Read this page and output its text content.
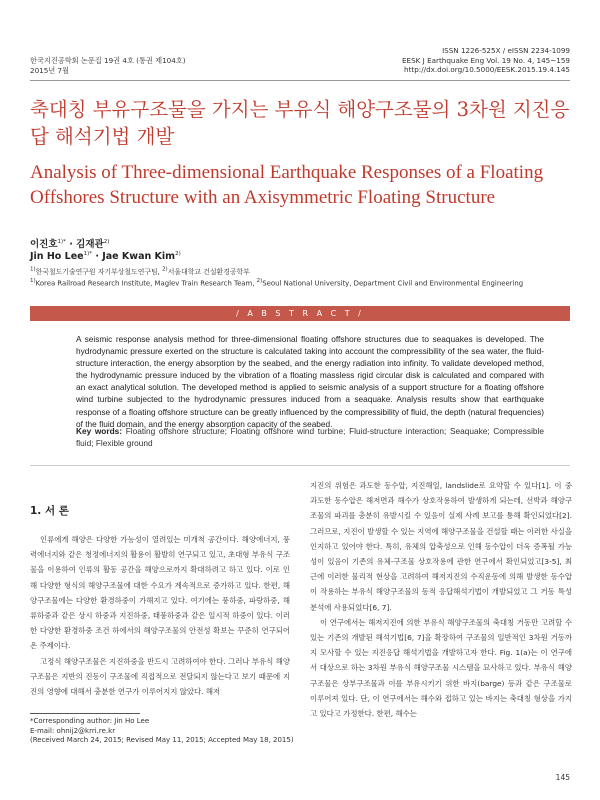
한국지진공학회 논문집 19권 4호 (통권 제104호)
2015년 7월
ISSN 1226-525X / eISSN 2234-1099
EESK J Earthquake Eng Vol. 19 No. 4, 145~159
http://dx.doi.org/10.5000/EESK.2015.19.4.145
축대칭 부유구조물을 가지는 부유식 해양구조물의 3차원 지진응답 해석기법 개발
Analysis of Three-dimensional Earthquake Responses of a Floating Offshores Structure with an Axisymmetric Floating Structure
이진호$^{1)*}$ · 김재관$^{2)}$
Jin Ho Lee$^{1)*}$ · Jae Kwan Kim$^{2)}$
$^{1)}$한국철도기술연구원 자기부상철도연구팀, $^{2)}$서울대학교 건설환경공학부
$^{1)}$Korea Railroad Research Institute, Maglev Train Research Team, $^{2)}$Seoul National University, Department Civil and Environmental Engineering
/ A B S T R A C T /
A seismic response analysis method for three-dimensional floating offshore structures due to seaquakes is developed. The hydrodynamic pressure exerted on the structure is calculated taking into account the compressibility of the sea water, the fluid-structure interaction, the energy absorption by the seabed, and the energy radiation into infinity. To validate developed method, the hydrodynamic pressure induced by the vibration of a floating massless rigid circular disk is calculated and compared with an exact analytical solution. The developed method is applied to seismic analysis of a support structure for a floating offshore wind turbine subjected to the hydrodynamic pressures induced from a seaquake. Analysis results show that earthquake response of a floating offshore structure can be greatly influenced by the compressibility of fluid, the depth (natural frequencies) of the fluid domain, and the energy absorption capacity of the seabed.
Key words: Floating offshore structure; Floating offshore wind turbine; Fluid-structure interaction; Seaquake; Compressible fluid; Flexible ground
1. 서 론

인류에게 해양은 다양한 가능성이 열려있는 미개척 공간이다. 해양에너지, 풍력에너지와 같은 청정에너지의 활용이 활발히 연구되고 있고, 초대형 부유식 구조물을 이용하여 인류의 활동 공간을 해양으로까지 확대하려고 하고 있다. 이로 인해 다양한 형식의 해양구조물에 대한 수요가 계속적으로 증가하고 있다. 한편, 해양구조물에는 다양한 환경하중이 가해지고 있다. 여기에는 풍하중, 파랑하중, 해류하중과 같은 상시 하중과 지진하중, 태풍하중과 같은 일시적 하중이 있다. 이러한 다양한 환경하중 조건 하에서의 해양구조물의 안전성 확보는 꾸준히 연구되어 온 주제이다.

고정식 해양구조물은 지진하중을 반드시 고려하여야 한다. 그러나 부유식 해양구조물은 지반의 진동이 구조물에 직접적으로 전달되지 않는다고 보기 때문에 지진의 영향에 대해서 충분한 연구가 이루어지지 않았다. 해저

지진의 위험은 과도한 동수압, 지진해일, landslide로 요약할 수 있다[1]. 이 중 과도한 동수압은 해저면과 해수가 상호작용하여 발생하게 되는데, 선박과 해양구조물의 파괴를 충분히 유발시킬 수 있음이 실제 사례 보고를 통해 확인되었다[2]. 그러므로, 지진이 발생할 수 있는 지역에 해양구조물을 건설할 때는 이러한 사실을 인지하고 있어야 한다. 특히, 유체의 압축성으로 인해 동수압이 더욱 증폭될 가능성이 있음이 기존의 유체-구조물 상호작용에 관한 연구에서 확인되었고[3-5], 최근에 이러한 물리적 현상을 고려하여 해저지진의 수직운동에 의해 발생한 동수압이 작용하는 부유식 해양구조물의 동적 응답해석기법이 개발되었고 그 거동 특성 분석에 사용되었다[6, 7].

이 연구에서는 해저지진에 의한 부유식 해양구조물의 축대칭 거동만 고려할 수 있는 기존의 개발된 해석기법[6, 7]을 확장하여 구조물의 일반적인 3차원 거동까지 모사할 수 있는 지진응답 해석기법을 개발하고자 한다. Fig. 1(a)는 이 연구에서 대상으로 하는 3차원 부유식 해양구조물 시스템을 묘사하고 있다. 부유식 해양구조물은 상부구조물과 이를 부유시키기 위한 바지(barge) 등과 같은 구조물로 이루어져 있다. 단, 이 연구에서는 해수와 접하고 있는 바지는 축대칭 형상을 가지고 있다고 가정한다. 한편, 해수는

*Corresponding author: Jin Ho Lee
E-mail: ohnij2@krri.re.kr
(Received March 24, 2015; Revised May 11, 2015; Accepted May 18, 2015)
145
